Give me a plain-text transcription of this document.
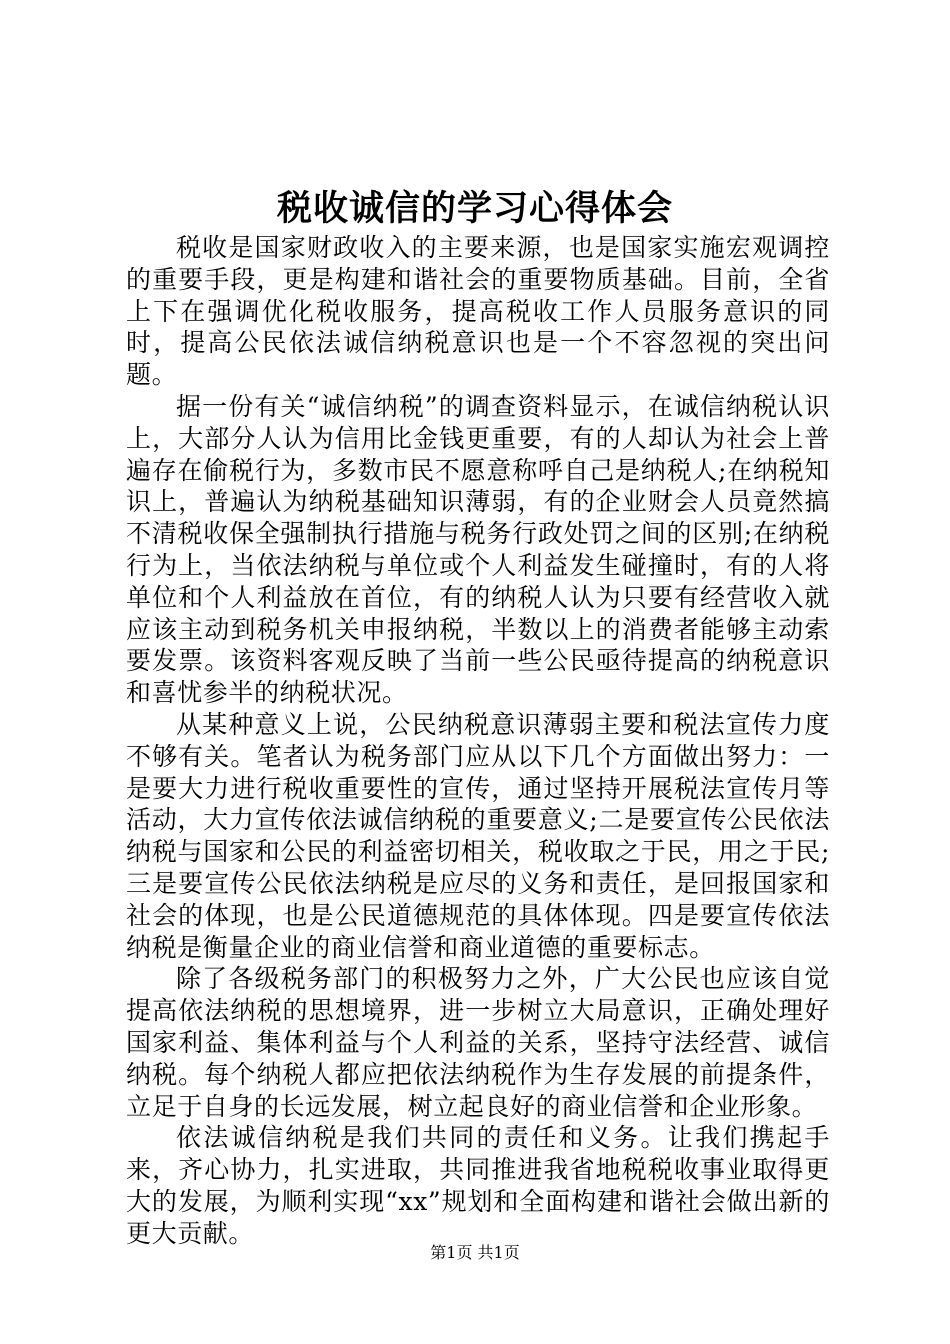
税收诚信的学习心得体会

税收是国家财政收入的主要来源，也是国家实施宏观调控的重要手段，更是构建和谐社会的重要物质基础。目前，全省上下在强调优化税收服务，提高税收工作人员服务意识的同时，提高公民依法诚信纳税意识也是一个不容忽视的突出问题。

据一份有关“诚信纳税”的调查资料显示，在诚信纳税认识上，大部分人认为信用比金钱更重要，有的人却认为社会上普遍存在偷税行为，多数市民不愿意称呼自己是纳税人;在纳税知识上，普遍认为纳税基础知识薄弱，有的企业财会人员竟然搞不清税收保全强制执行措施与税务行政处罚之间的区别;在纳税行为上，当依法纳税与单位或个人利益发生碰撞时，有的人将单位和个人利益放在首位，有的纳税人认为只要有经营收入就应该主动到税务机关申报纳税，半数以上的消费者能够主动索要发票。该资料客观反映了当前一些公民亟待提高的纳税意识和喜忧参半的纳税状况。

从某种意义上说，公民纳税意识薄弱主要和税法宣传力度不够有关。笔者认为税务部门应从以下几个方面做出努力：一是要大力进行税收重要性的宣传，通过坚持开展税法宣传月等活动，大力宣传依法诚信纳税的重要意义;二是要宣传公民依法纳税与国家和公民的利益密切相关，税收取之于民，用之于民;三是要宣传公民依法纳税是应尽的义务和责任，是回报国家和社会的体现，也是公民道德规范的具体体现。四是要宣传依法纳税是衡量企业的商业信誉和商业道德的重要标志。

除了各级税务部门的积极努力之外，广大公民也应该自觉提高依法纳税的思想境界，进一步树立大局意识，正确处理好国家利益、集体利益与个人利益的关系，坚持守法经营、诚信纳税。每个纳税人都应把依法纳税作为生存发展的前提条件，立足于自身的长远发展，树立起良好的商业信誉和企业形象。

依法诚信纳税是我们共同的责任和义务。让我们携起手来，齐心协力，扎实进取，共同推进我省地税税收事业取得更大的发展，为顺利实现“xx”规划和全面构建和谐社会做出新的更大贡献。

第1页 共1页
